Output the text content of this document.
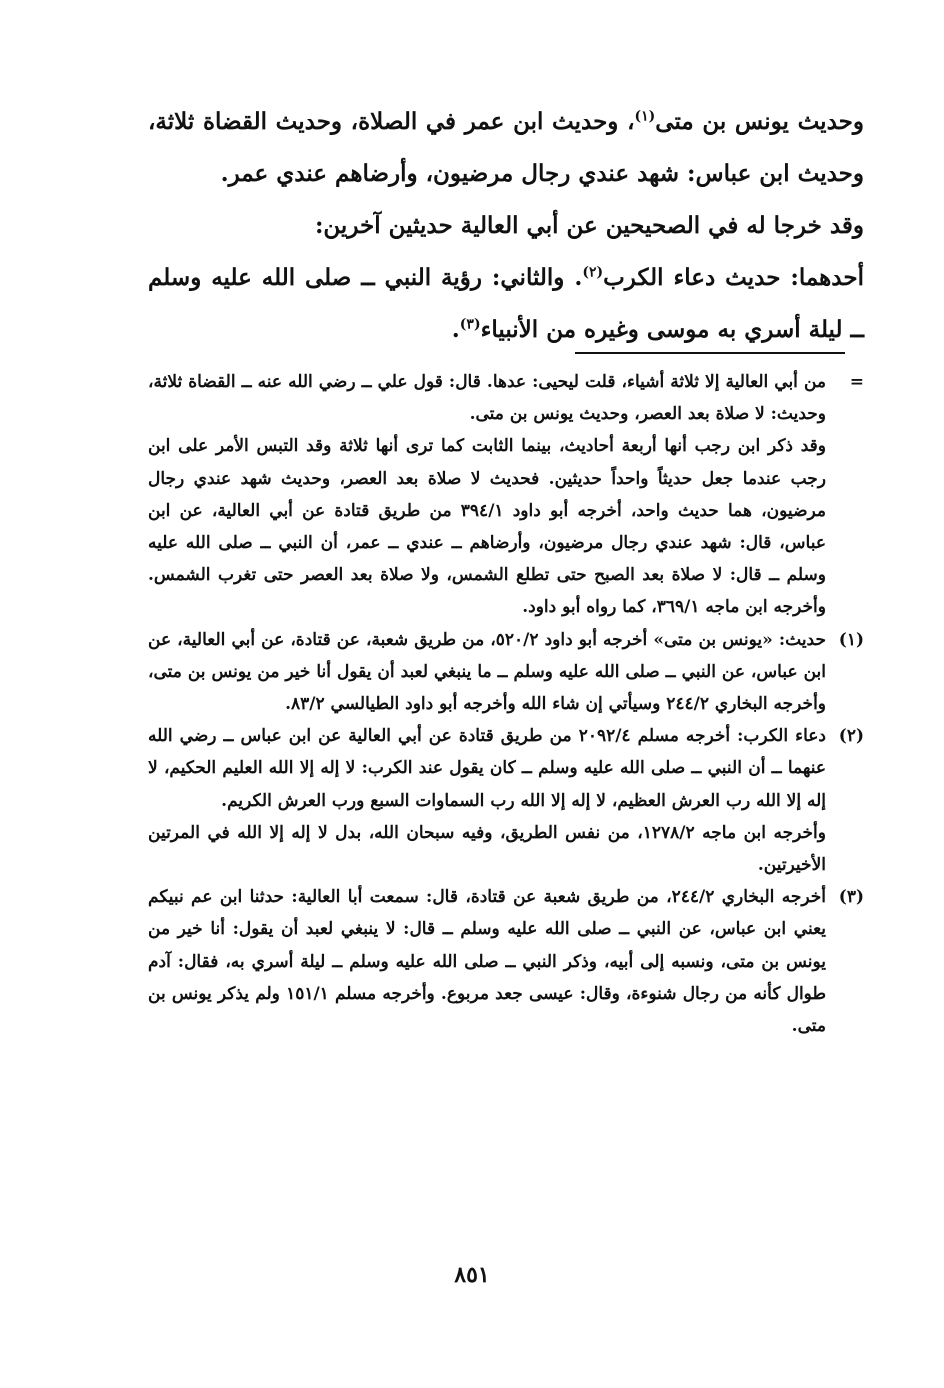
وحديث يونس بن متى$^{(١)}$، وحديث ابن عمر في الصلاة، وحديث القضاة ثلاثة، وحديث ابن عباس: شهد عندي رجال مرضيون، وأرضاهم عندي عمر.

وقد خرجا له في الصحيحين عن أبي العالية حديثين آخرين:

أحدهما: حديث دعاء الكرب$^{(٢)}$. والثاني: رؤية النبي ــ صلى الله عليه وسلم ــ ليلة أسري به موسى وغيره من الأنبياء$^{(٣)}$.

=

من أبي العالية إلا ثلاثة أشياء، قلت ليحيى: عدها. قال: قول علي ــ رضي الله عنه ــ القضاة ثلاثة، وحديث: لا صلاة بعد العصر، وحديث يونس بن متى.

وقد ذكر ابن رجب أنها أربعة أحاديث، بينما الثابت كما ترى أنها ثلاثة وقد التبس الأمر على ابن رجب عندما جعل حديثاً واحداً حديثين. فحديث لا صلاة بعد العصر، وحديث شهد عندي رجال مرضيون، هما حديث واحد، أخرجه أبو داود ٣٩٤/١ من طريق قتادة عن أبي العالية، عن ابن عباس، قال: شهد عندي رجال مرضيون، وأرضاهم ــ عندي ــ عمر، أن النبي ــ صلى الله عليه وسلم ــ قال: لا صلاة بعد الصبح حتى تطلع الشمس، ولا صلاة بعد العصر حتى تغرب الشمس. وأخرجه ابن ماجه ٣٦٩/١، كما رواه أبو داود.

(١)

حديث: «يونس بن متى» أخرجه أبو داود ٥٢٠/٢، من طريق شعبة، عن قتادة، عن أبي العالية، عن ابن عباس، عن النبي ــ صلى الله عليه وسلم ــ ما ينبغي لعبد أن يقول أنا خير من يونس بن متى، وأخرجه البخاري ٢٤٤/٢ وسيأتي إن شاء الله وأخرجه أبو داود الطيالسي ٨٣/٢.

(٢)

دعاء الكرب: أخرجه مسلم ٢٠٩٢/٤ من طريق قتادة عن أبي العالية عن ابن عباس ــ رضي الله عنهما ــ أن النبي ــ صلى الله عليه وسلم ــ كان يقول عند الكرب: لا إله إلا الله العليم الحكيم، لا إله إلا الله رب العرش العظيم، لا إله إلا الله رب السماوات السبع ورب العرش الكريم.

وأخرجه ابن ماجه ١٢٧٨/٢، من نفس الطريق، وفيه سبحان الله، بدل لا إله إلا الله في المرتين الأخيرتين.

(٣)

أخرجه البخاري ٢٤٤/٢، من طريق شعبة عن قتادة، قال: سمعت أبا العالية: حدثنا ابن عم نبيكم يعني ابن عباس، عن النبي ــ صلى الله عليه وسلم ــ قال: لا ينبغي لعبد أن يقول: أنا خير من يونس بن متى، ونسبه إلى أبيه، وذكر النبي ــ صلى الله عليه وسلم ــ ليلة أسري به، فقال: آدم طوال كأنه من رجال شنوءة، وقال: عيسى جعد مربوع. وأخرجه مسلم ١٥١/١ ولم يذكر يونس بن متى.

٨٥١
